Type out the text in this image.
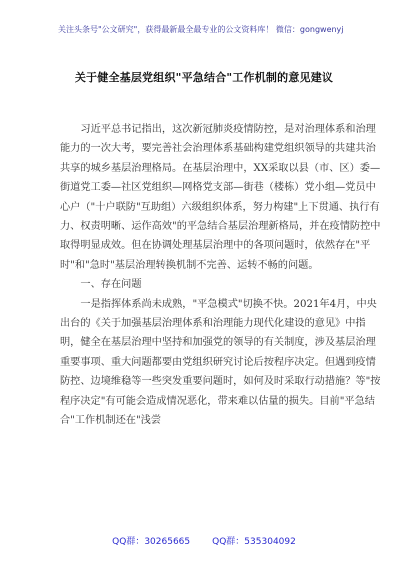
关注头条号"公文研究"，获得最新最全最专业的公文资料库！ 微信：gongwenyj
关于健全基层党组织"平急结合"工作机制的意见建议

习近平总书记指出，这次新冠肺炎疫情防控，是对治理体系和治理能力的一次大考，要完善社会治理体系基础构建党组织领导的共建共治共享的城乡基层治理格局。在基层治理中，XX采取以县（市、区）委—街道党工委—社区党组织—网格党支部—街巷（楼栋）党小组—党员中心户（"十户联防"互助组）六级组织体系，努力构建"上下贯通、执行有力、权责明晰、运作高效"的平急结合基层治理新格局，并在疫情防控中取得明显成效。但在协调处理基层治理中的各项问题时，依然存在"平时"和"急时"基层治理转换机制不完善、运转不畅的问题。

一、存在问题

一是指挥体系尚未成熟，"平急模式"切换不快。2021年4月，中央出台的《关于加强基层治理体系和治理能力现代化建设的意见》中指明，健全在基层治理中坚持和加强党的领导的有关制度，涉及基层治理重要事项、重大问题都要由党组织研究讨论后按程序决定。但遇到疫情防控、边境维稳等一些突发重要问题时，如何及时采取行动措施？等"按程序决定"有可能会造成情况恶化，带来难以估量的损失。目前"平急结合"工作机制还在"浅尝

QQ群：30265665 QQ群：535304092
